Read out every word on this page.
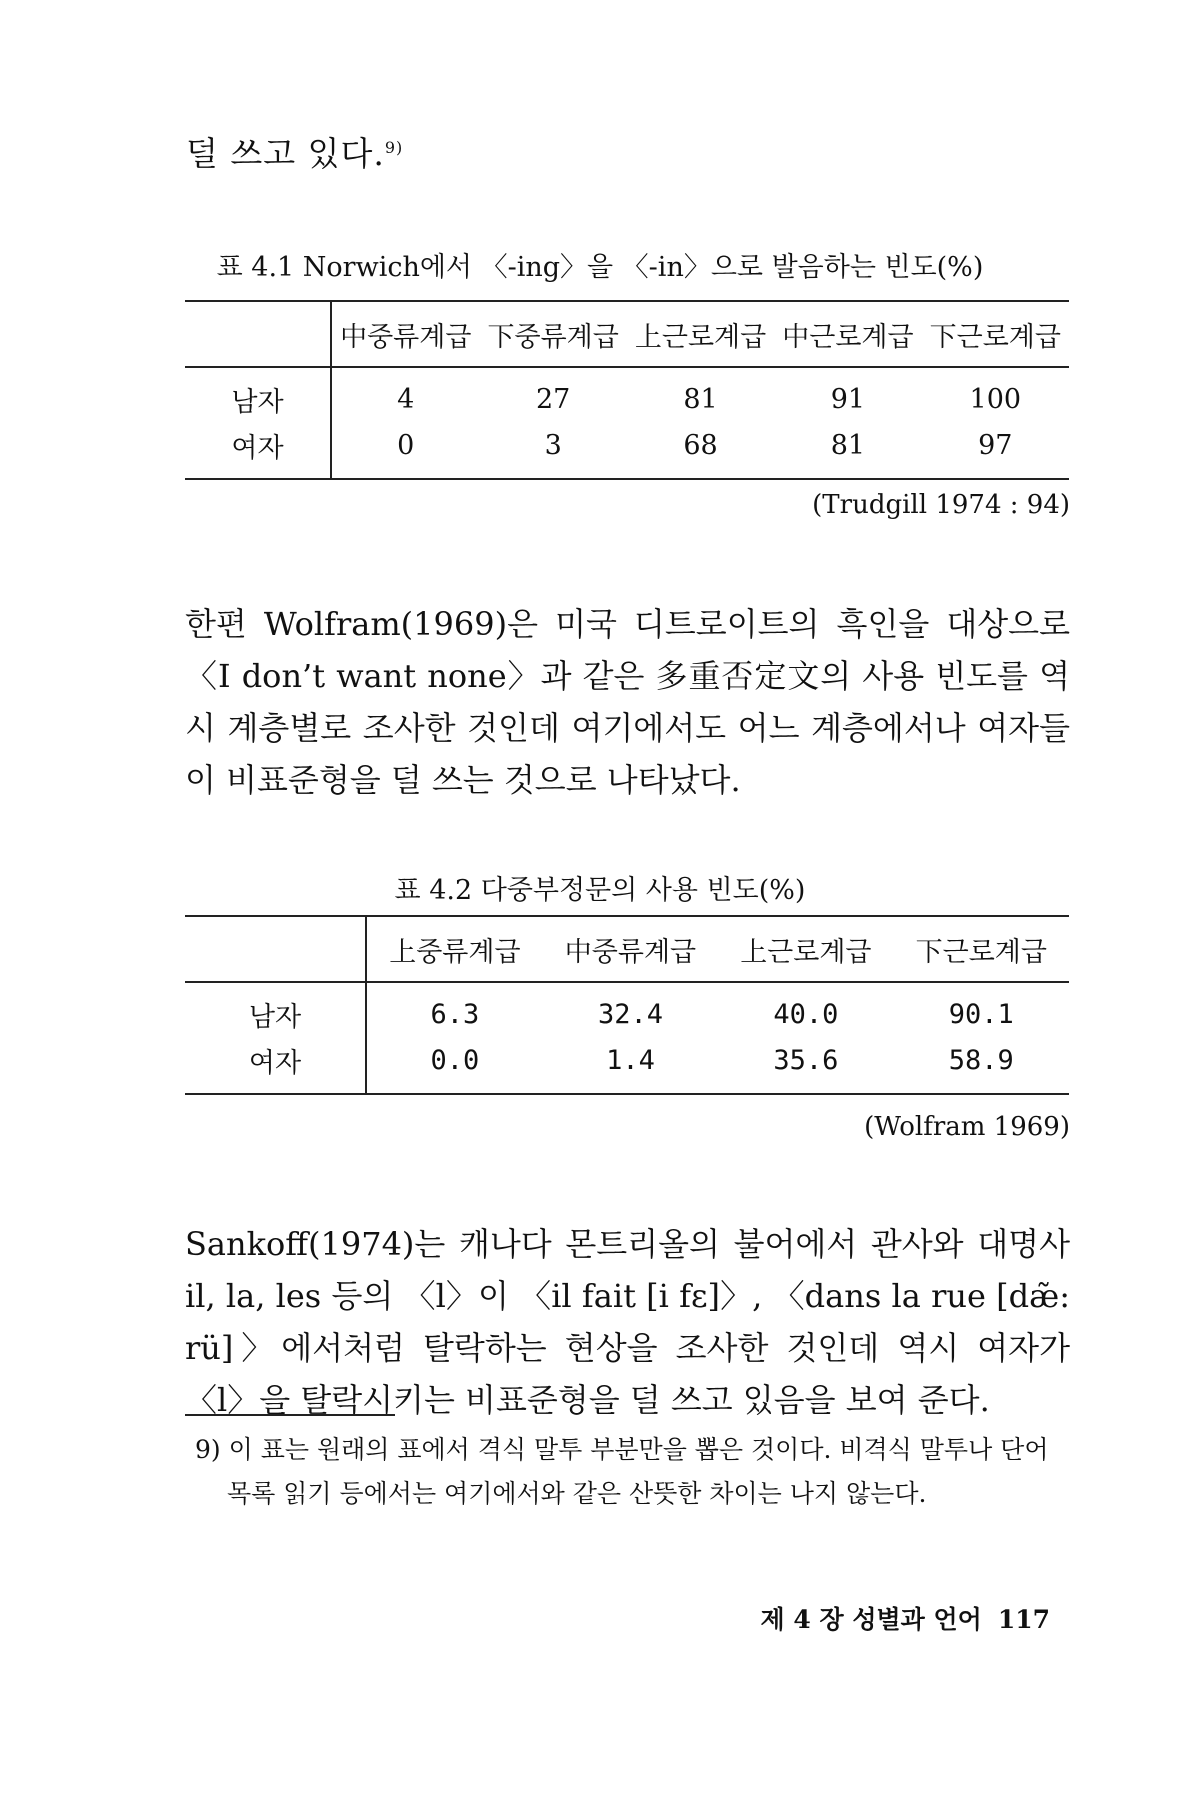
덜 쓰고 있다.$^{9)}$
표 4.1 Norwich에서 〈-ing〉을 〈-in〉으로 발음하는 빈도(%)
	中중류계급	下중류계급	上근로계급	中근로계급	下근로계급
남자	4	27	81	91	100
여자	0	3	68	81	97
(Trudgill 1974 : 94)

한편 Wolfram(1969)은 미국 디트로이트의 흑인을 대상으로 〈I don’t want none〉과 같은 多重否定文의 사용 빈도를 역시 계층별로 조사한 것인데 여기에서도 어느 계층에서나 여자들이 비표준형을 덜 쓰는 것으로 나타났다.

표 4.2 다중부정문의 사용 빈도(%)
	上중류계급	中중류계급	上근로계급	下근로계급
남자	6.3	32.4	40.0	90.1
여자	0.0	1.4	35.6	58.9
(Wolfram 1969)

Sankoff(1974)는 캐나다 몬트리올의 불어에서 관사와 대명사 il, la, les 등의 〈l〉이 〈il fait [i fɛ]〉, 〈dans la rue [dæ̃: rü]〉에서처럼 탈락하는 현상을 조사한 것인데 역시 여자가 〈l〉을 탈락시키는 비표준형을 덜 쓰고 있음을 보여 준다.

9) 이 표는 원래의 표에서 격식 말투 부분만을 뽑은 것이다. 비격식 말투나 단어
목록 읽기 등에서는 여기에서와 같은 산뜻한 차이는 나지 않는다.

제 4 장 성별과 언어 117
